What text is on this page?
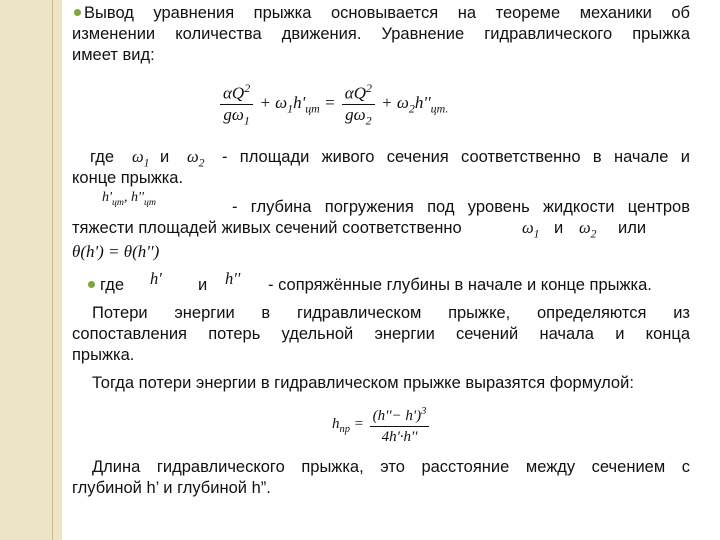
Вывод уравнения прыжка основывается на теореме механики об
изменении количества движения. Уравнение гидравлического прыжка
имеет вид:
$\frac{\alpha Q^2}{g\omega_1} + \omega_1h'_{цт} = \frac{\alpha Q^2}{g\omega_2} + \omega_2h''_{цт.}$
где $\omega_1$ и $\omega_2$ - площади живого сечения соответственно в начале и
конце прыжка.
$h'_{цт}$, $h''_{цт}$	- глубина погружения под уровень жидкости центров
тяжести площадей живых сечений соответственно	$\omega_1$ и $\omega_2$ или
θ(h') = θ(h'')
где h' и h'' - сопряжённые глубины в начале и конце прыжка.
Потери энергии в гидравлическом прыжке, определяются из
сопоставления потерь удельной энергии сечений начала и конца
прыжка.
Тогда потери энергии в гидравлическом прыжке выразятся формулой:
$h_{пр} = \frac{(h''- h')^3}{4h'\cdot h''}$
Длина гидравлического прыжка, это расстояние между сечением с
глубиной h’ и глубиной h”.
